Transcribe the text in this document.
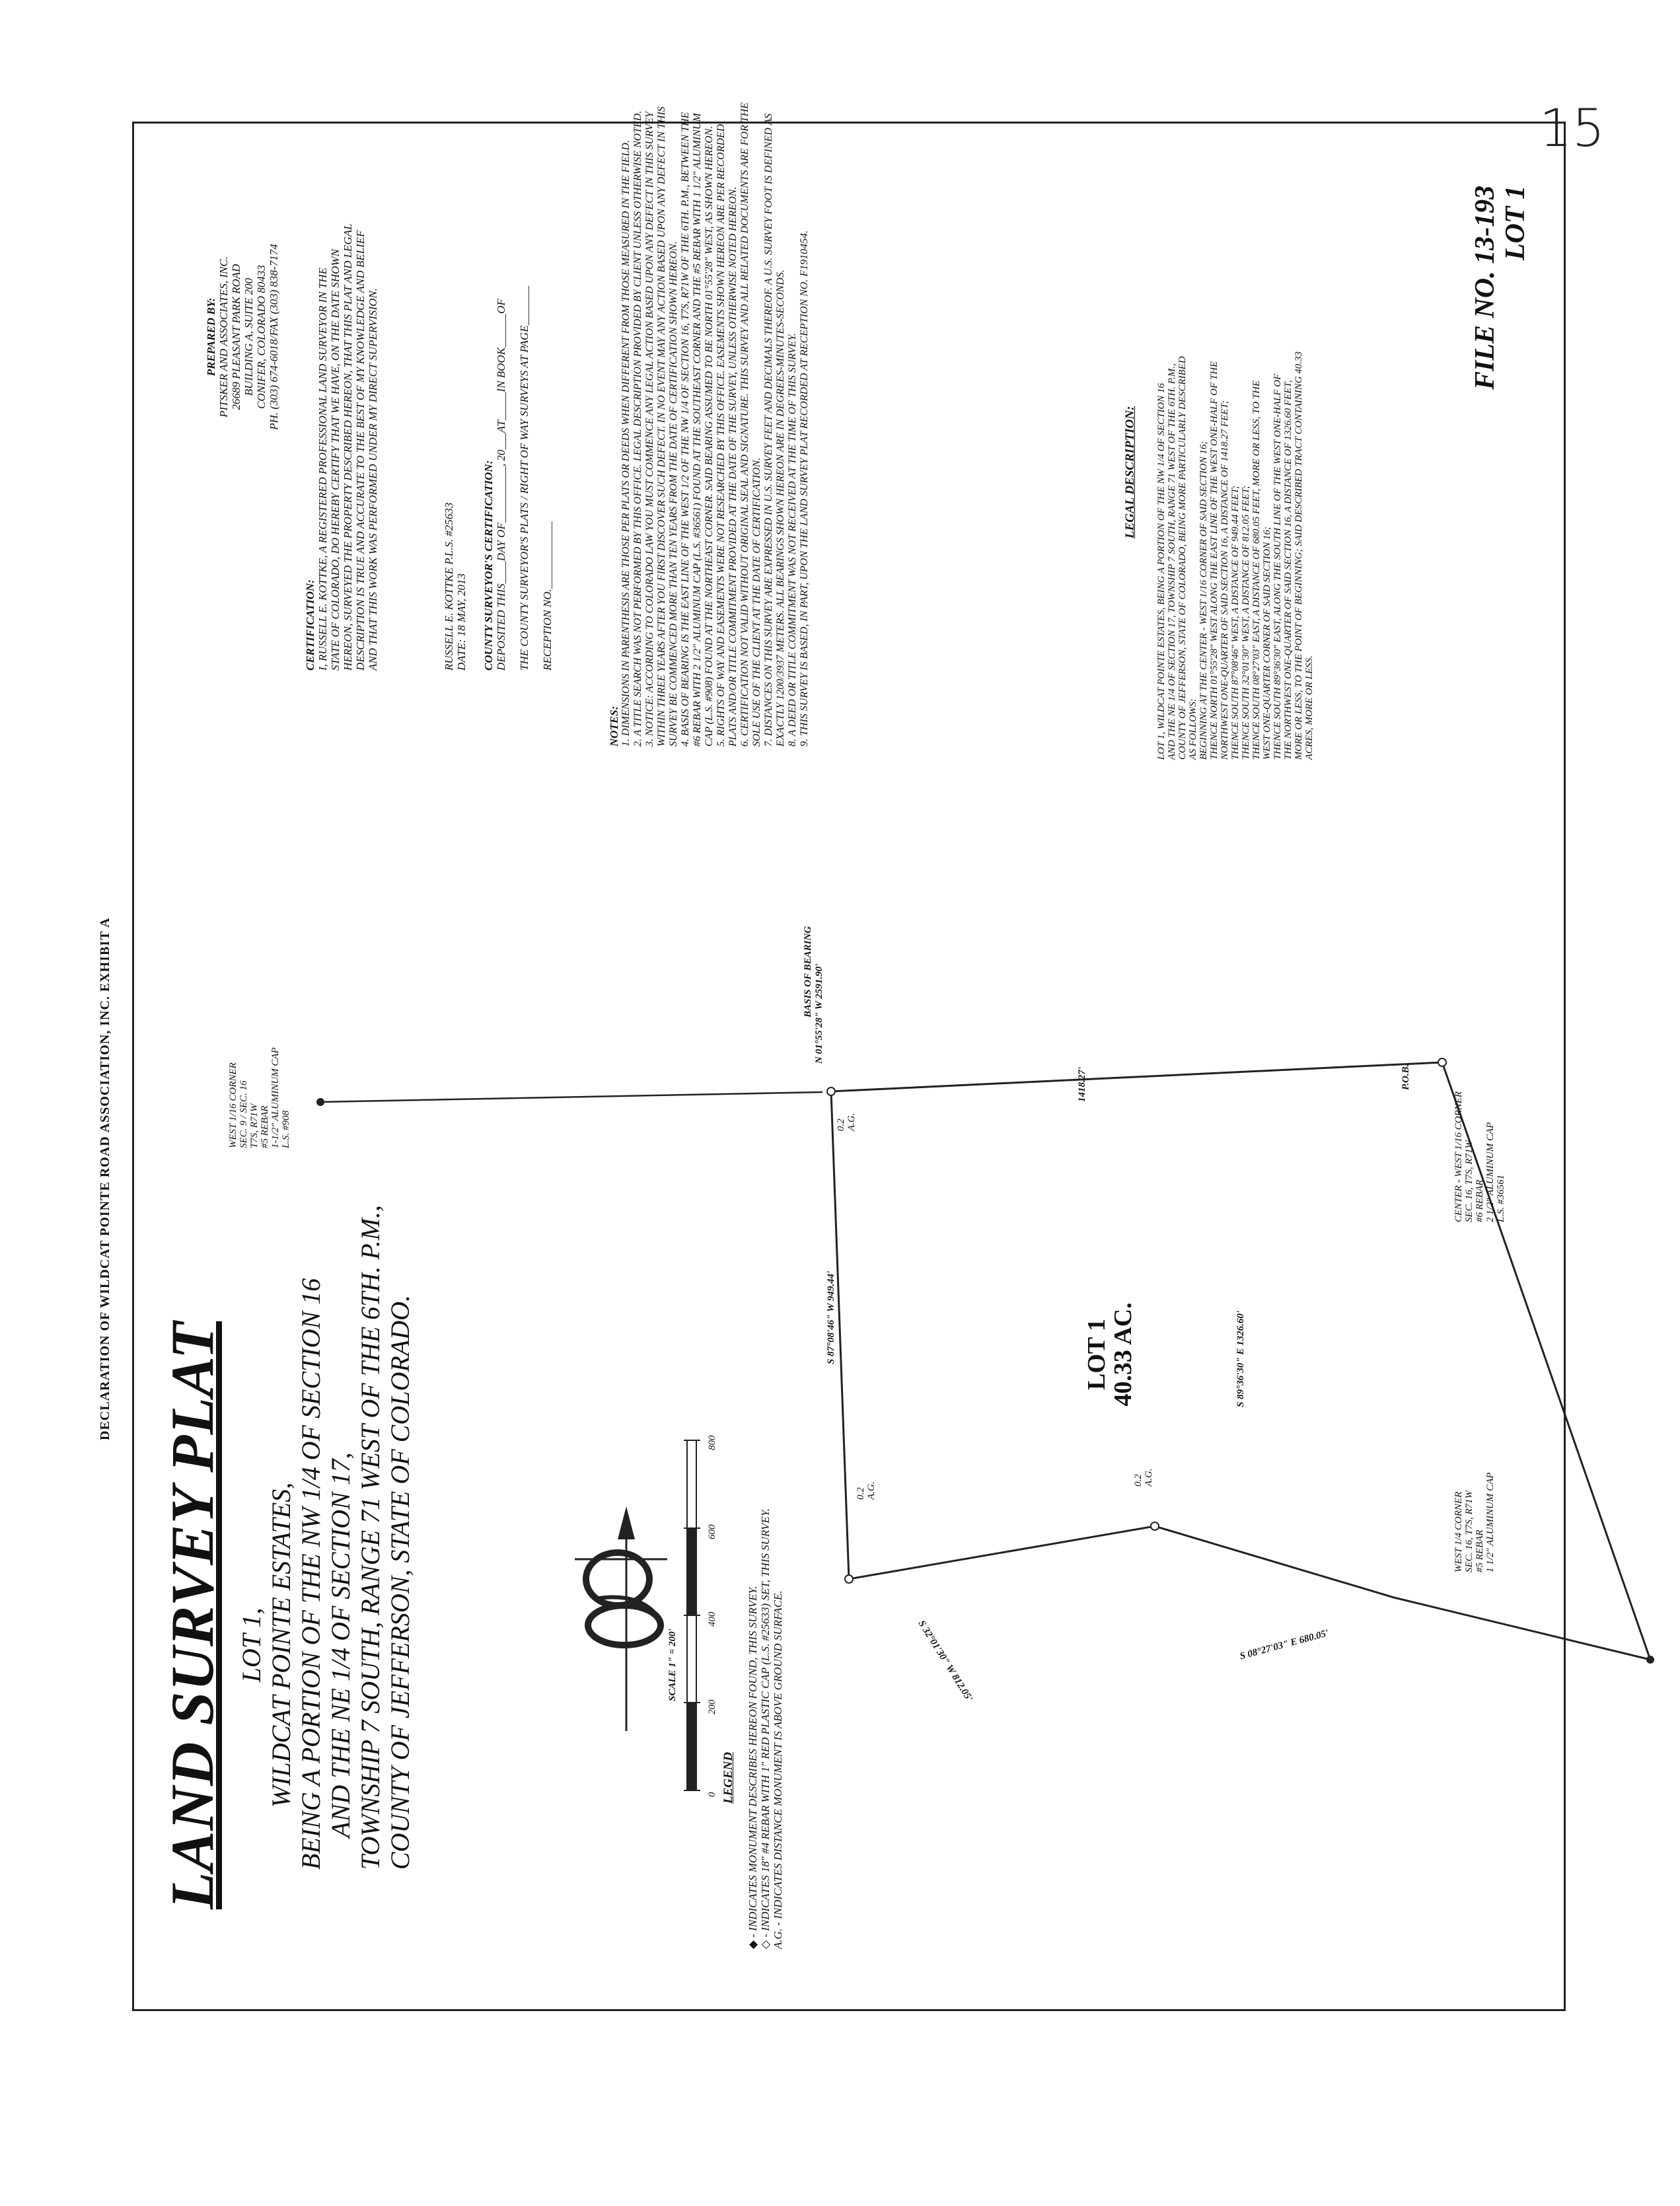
15
DECLARATION OF WILDCAT POINTE ROAD ASSOCIATION, INC. EXHIBIT A
LAND SURVEY PLAT LOT 1, WILDCAT POINTE ESTATES, BEING A PORTION OF THE NW 1/4 OF SECTION 16 AND THE NE 1/4 OF SECTION 17, TOWNSHIP 7 SOUTH, RANGE 71 WEST OF THE 6TH. P.M., COUNTY OF JEFFERSON, STATE OF COLORADO.	SCALE 1" = 200'
0
200
400
600
800
LEGEND ◆ - INDICATES MONUMENT DESCRIBES HEREON FOUND, THIS SURVEY. ◇ - INDICATES 18" #4 REBAR WITH 1" RED PLASTIC CAP (L.S. #25633) SET, THIS SURVEY. A.G. - INDICATES DISTANCE MONUMENT IS ABOVE GROUND SURFACE.
WEST 1/16 CORNER SEC. 9 / SEC. 16 T7S, R71W #5 REBAR 1-1/2" ALUMINUM CAP L.S. #908
BASIS OF BEARING N 01°55'28" W 2591.90'
1418.27'	P.O.B.
0.2 A.G.
0.2 A.G.
0.2 A.G.
S 87°08'46" W 949.44'
S 32°01'30" W 812.05'	S 08°27'03" E 680.05'
S 89°36'30" E 1326.60'
LOT 1
40.33 AC.
CENTER - WEST 1/16 CORNER SEC. 16, T7S, R71W #6 REBAR 2 1/2" ALUMINUM CAP L.S. #36561
WEST 1/4 CORNER SEC. 16, T7S, R71W #5 REBAR 1 1/2" ALUMINUM CAP
PREPARED BY: PITSKER AND ASSOCIATES, INC. 26689 PLEASANT PARK ROAD BUILDING A, SUITE 200 CONIFER, COLORADO 80433 PH. (303) 674-6018/FAX (303) 838-7174
CERTIFICATION: I, RUSSELL E. KOTTKE, A REGISTERED PROFESSIONAL LAND SURVEYOR IN THE STATE OF COLORADO, DO HEREBY CERTIFY THAT WE HAVE, ON THE DATE SHOWN HEREON, SURVEYED THE PROPERTY DESCRIBED HEREON, THAT THIS PLAT AND LEGAL DESCRIPTION IS TRUE AND ACCURATE TO THE BEST OF MY KNOWLEDGE AND BELIEF AND THAT THIS WORK WAS PERFORMED UNDER MY DIRECT SUPERVISION.	RUSSELL E. KOTTKE P.L.S. #25633 DATE: 18 MAY, 2013 COUNTY SURVEYOR'S CERTIFICATION: DEPOSITED THIS____DAY OF__________, 20___AT_____IN BOOK______OF THE COUNTY SURVEYOR'S PLATS / RIGHT OF WAY SURVEYS AT PAGE_______ RECEPTION NO.____________
NOTES: 1. DIMENSIONS IN PARENTHESIS ARE THOSE PER PLATS OR DEEDS WHEN DIFFERENT FROM THOSE MEASURED IN THE FIELD. 2. A TITLE SEARCH WAS NOT PERFORMED BY THIS OFFICE. LEGAL DESCRIPTION PROVIDED BY CLIENT UNLESS OTHERWISE NOTED. 3. NOTICE: ACCORDING TO COLORADO LAW YOU MUST COMMENCE ANY LEGAL ACTION BASED UPON ANY DEFECT IN THIS SURVEY WITHIN THREE YEARS AFTER YOU FIRST DISCOVER SUCH DEFECT. IN NO EVENT MAY ANY ACTION BASED UPON ANY DEFECT IN THIS SURVEY BE COMMENCED MORE THAN TEN YEARS FROM THE DATE OF CERTIFICATION SHOWN HEREON. 4. BASIS OF BEARING IS THE EAST LINE OF THE WEST 1/2 OF THE NW 1/4 OF SECTION 16, T7S, R71W OF THE 6TH. P.M., BETWEEN THE #6 REBAR WITH 2 1/2" ALUMINUM CAP (L.S. #36561) FOUND AT THE SOUTHEAST CORNER AND THE #5 REBAR WITH 1 1/2" ALUMINUM CAP (L.S. #908) FOUND AT THE NORTHEAST CORNER. SAID BEARING ASSUMED TO BE NORTH 01°55'28" WEST, AS SHOWN HEREON. 5. RIGHTS OF WAY AND EASEMENTS WERE NOT RESEARCHED BY THIS OFFICE. EASEMENTS SHOWN HEREON ARE PER RECORDED PLATS AND/OR TITLE COMMITMENT PROVIDED AT THE DATE OF THE SURVEY, UNLESS OTHERWISE NOTED HEREON. 6. CERTIFICATION NOT VALID WITHOUT ORIGINAL SEAL AND SIGNATURE. THIS SURVEY AND ALL RELATED DOCUMENTS ARE FOR THE SOLE USE OF THE CLIENT AT THE DATE OF CERTIFICATION. 7. DISTANCES ON THIS SURVEY ARE EXPRESSED IN U.S. SURVEY FEET AND DECIMALS THEREOF. A U.S. SURVEY FOOT IS DEFINED AS EXACTLY 1200/3937 METERS. ALL BEARINGS SHOWN HEREON ARE IN DEGREES-MINUTES-SECONDS. 8. A DEED OR TITLE COMMITMENT WAS NOT RECEIVED AT THE TIME OF THIS SURVEY. 9. THIS SURVEY IS BASED, IN PART, UPON THE LAND SURVEY PLAT RECORDED AT RECEPTION NO. F1910454.	LEGAL DESCRIPTION: LOT 1, WILDCAT POINTE ESTATES, BEING A PORTION OF THE NW 1/4 OF SECTION 16 AND THE NE 1/4 OF SECTION 17, TOWNSHIP 7 SOUTH, RANGE 71 WEST OF THE 6TH. P.M., COUNTY OF JEFFERSON, STATE OF COLORADO, BEING MORE PARTICULARLY DESCRIBED AS FOLLOWS: BEGINNING AT THE CENTER - WEST 1/16 CORNER OF SAID SECTION 16; THENCE NORTH 01°55'28" WEST ALONG THE EAST LINE OF THE WEST ONE-HALF OF THE NORTHWEST ONE-QUARTER OF SAID SECTION 16, A DISTANCE OF 1418.27 FEET; THENCE SOUTH 87°08'46" WEST, A DISTANCE OF 949.44 FEET; THENCE SOUTH 32°01'30" WEST, A DISTANCE OF 812.05 FEET; THENCE SOUTH 08°27'03" EAST, A DISTANCE OF 680.05 FEET, MORE OR LESS, TO THE WEST ONE-QUARTER CORNER OF SAID SECTION 16; THENCE SOUTH 89°36'30" EAST, ALONG THE SOUTH LINE OF THE WEST ONE-HALF OF THE NORTHWEST ONE-QUARTER OF SAID SECTION 16, A DISTANCE OF 1326.60 FEET, MORE OR LESS, TO THE POINT OF BEGINNING; SAID DESCRIBED TRACT CONTAINING 40.33 ACRES, MORE OR LESS.
FILE NO. 13-193 LOT 1
